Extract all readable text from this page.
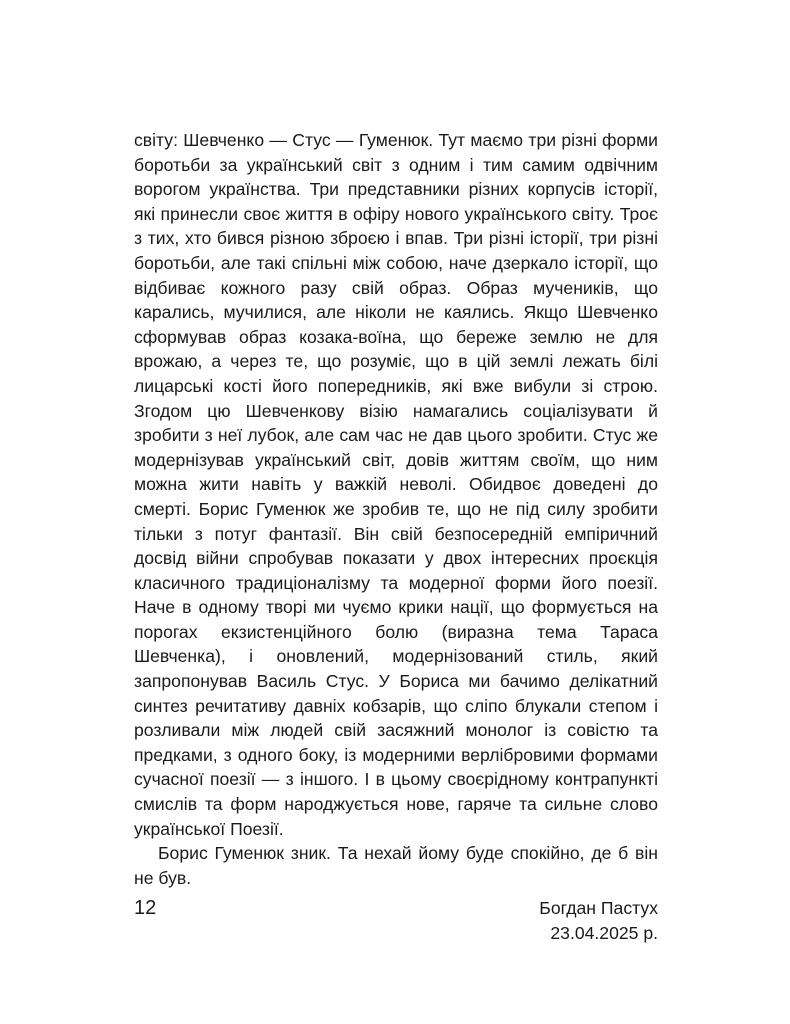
світу: Шевченко — Стус — Гуменюк. Тут маємо три різні форми боротьби за український світ з одним і тим самим одвічним ворогом українства. Три представники різних корпусів історії, які принесли своє життя в офіру нового українського світу. Троє з тих, хто бився різною зброєю і впав. Три різні історії, три різні боротьби, але такі спільні між собою, наче дзеркало історії, що відбиває кожного разу свій образ. Образ мучеників, що карались, мучилися, але ніколи не каялись. Якщо Шевченко сформував образ козака-воїна, що береже землю не для врожаю, а через те, що розуміє, що в цій землі лежать білі лицарські кості його попередників, які вже вибули зі строю. Згодом цю Шевченкову візію намагались соціалізувати й зробити з неї лубок, але сам час не дав цього зробити. Стус же модернізував український світ, довів життям своїм, що ним можна жити навіть у важкій неволі. Обидвоє доведені до смерті. Борис Гуменюк же зробив те, що не під силу зробити тільки з потуг фантазії. Він свій безпосередній емпіричний досвід війни спробував показати у двох інтересних проєкція класичного традиціоналізму та модерної форми його поезії. Наче в одному творі ми чуємо крики нації, що формується на порогах екзистенційного болю (виразна тема Тараса Шевченка), і оновлений, модернізований стиль, який запропонував Василь Стус. У Бориса ми бачимо делікатний синтез речитативу давніх кобзарів, що сліпо блукали степом і розливали між людей свій засяжний монолог із совістю та предками, з одного боку, із модерними верлібровими формами сучасної поезії — з іншого. І в цьому своєрідному контрапункті смислів та форм народжується нове, гаряче та сильне слово української Поезії.

Борис Гуменюк зник. Та нехай йому буде спокійно, де б він не був.

Богдан Пастух
23.04.2025 р.
12
